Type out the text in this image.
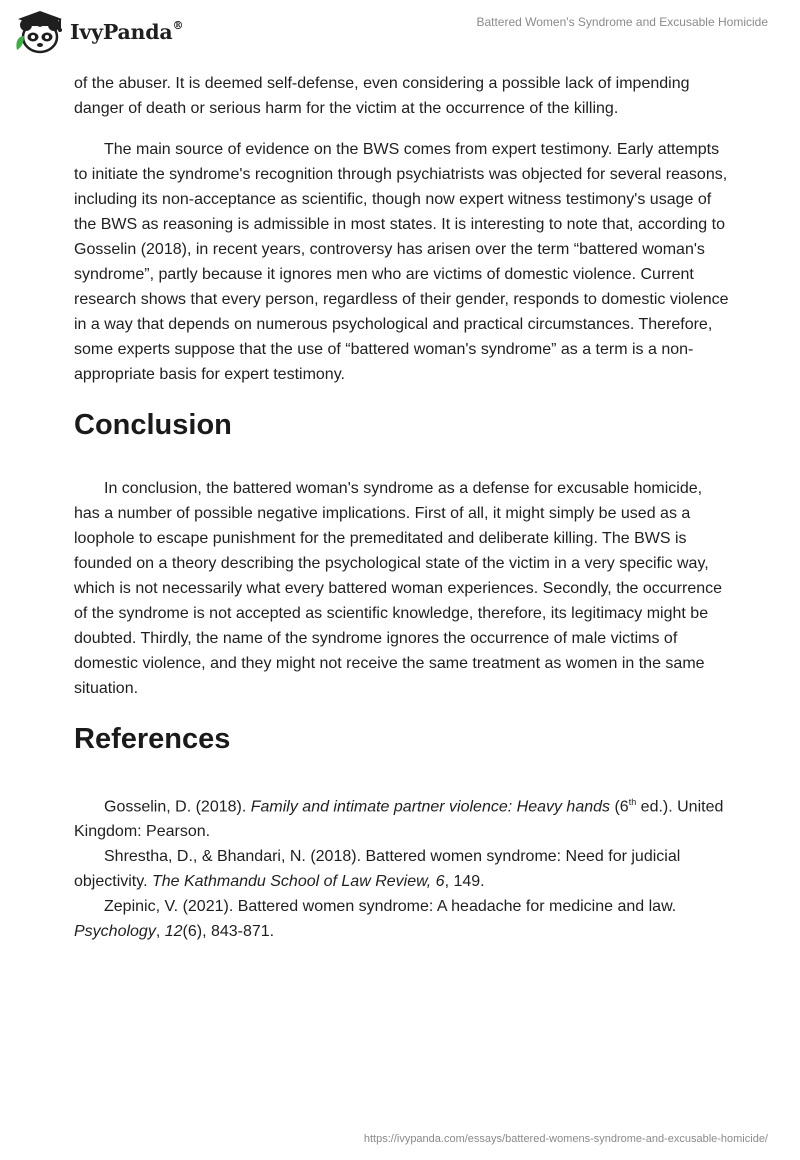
IvyPanda®	Battered Women's Syndrome and Excusable Homicide

of the abuser. It is deemed self-defense, even considering a possible lack of impending danger of death or serious harm for the victim at the occurrence of the killing.

The main source of evidence on the BWS comes from expert testimony. Early attempts to initiate the syndrome's recognition through psychiatrists was objected for several reasons, including its non-acceptance as scientific, though now expert witness testimony's usage of the BWS as reasoning is admissible in most states. It is interesting to note that, according to Gosselin (2018), in recent years, controversy has arisen over the term “battered woman's syndrome”, partly because it ignores men who are victims of domestic violence. Current research shows that every person, regardless of their gender, responds to domestic violence in a way that depends on numerous psychological and practical circumstances. Therefore, some experts suppose that the use of “battered woman's syndrome” as a term is a non-appropriate basis for expert testimony.

Conclusion

In conclusion, the battered woman's syndrome as a defense for excusable homicide, has a number of possible negative implications. First of all, it might simply be used as a loophole to escape punishment for the premeditated and deliberate killing. The BWS is founded on a theory describing the psychological state of the victim in a very specific way, which is not necessarily what every battered woman experiences. Secondly, the occurrence of the syndrome is not accepted as scientific knowledge, therefore, its legitimacy might be doubted. Thirdly, the name of the syndrome ignores the occurrence of male victims of domestic violence, and they might not receive the same treatment as women in the same situation.

References

Gosselin, D. (2018). Family and intimate partner violence: Heavy hands (6th ed.). United Kingdom: Pearson.

Shrestha, D., & Bhandari, N. (2018). Battered women syndrome: Need for judicial objectivity. The Kathmandu School of Law Review, 6, 149.

Zepinic, V. (2021). Battered women syndrome: A headache for medicine and law. Psychology, 12(6), 843-871.

https://ivypanda.com/essays/battered-womens-syndrome-and-excusable-homicide/
